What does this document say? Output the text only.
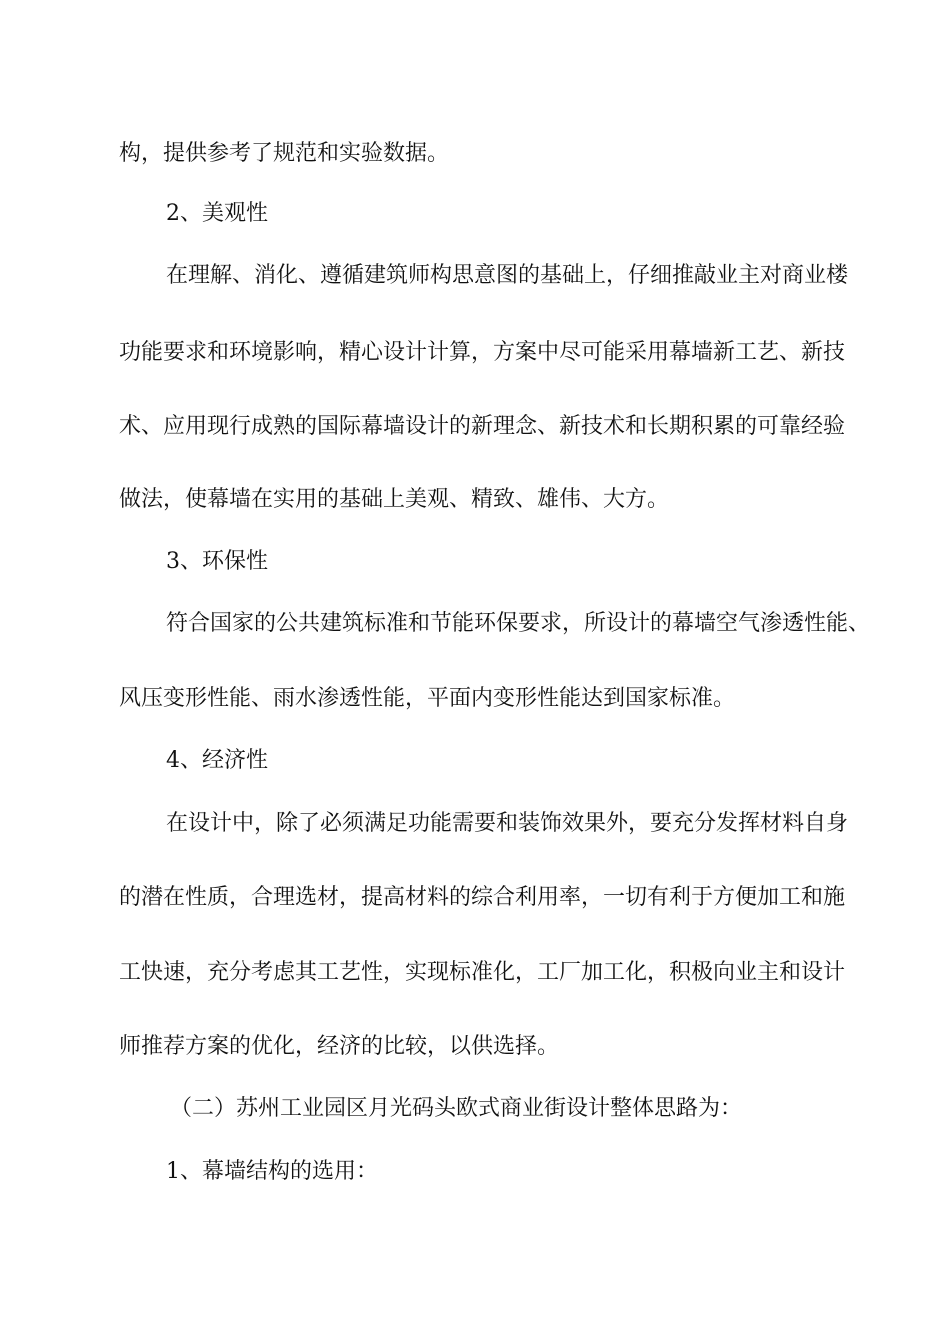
构，提供参考了规范和实验数据。
2、美观性
在理解、消化、遵循建筑师构思意图的基础上，仔细推敲业主对商业楼
功能要求和环境影响，精心设计计算，方案中尽可能采用幕墙新工艺、新技
术、应用现行成熟的国际幕墙设计的新理念、新技术和长期积累的可靠经验
做法，使幕墙在实用的基础上美观、精致、雄伟、大方。
3、环保性
符合国家的公共建筑标准和节能环保要求，所设计的幕墙空气渗透性能、
风压变形性能、雨水渗透性能，平面内变形性能达到国家标准。
4、经济性
在设计中，除了必须满足功能需要和装饰效果外，要充分发挥材料自身
的潜在性质，合理选材，提高材料的综合利用率，一切有利于方便加工和施
工快速，充分考虑其工艺性，实现标准化，工厂加工化，积极向业主和设计
师推荐方案的优化，经济的比较，以供选择。
（二）苏州工业园区月光码头欧式商业街设计整体思路为：
1、幕墙结构的选用：
